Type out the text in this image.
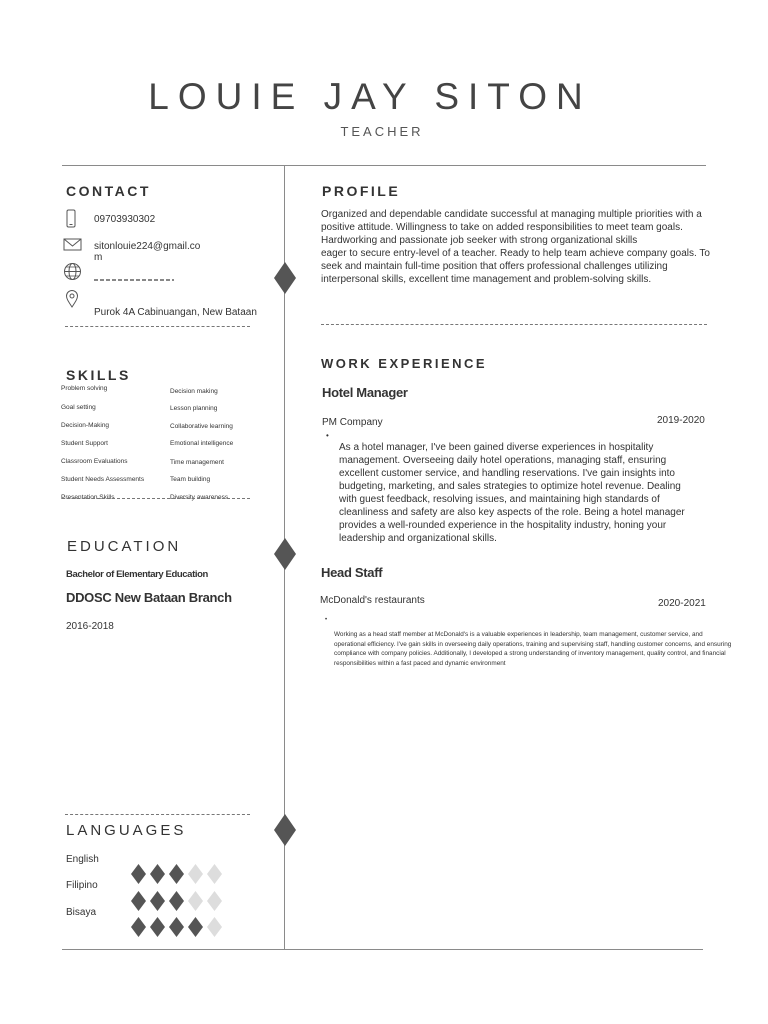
LOUIE JAY SITON
TEACHER
CONTACT
09703930302
sitonlouie224@gmail.co
m
Purok 4A Cabinuangan, New Bataan
SKILLS
Problem solving
Goal setting
Decision-Making
Student Support
Classroom Evaluations
Student Needs Assessments
Presentation Skills
Decision making
Lesson planning
Collaborative learning
Emotional intelligence
Time management
Team building
Diversity awareness
EDUCATION
Bachelor of Elementary Education
DDOSC New Bataan Branch
2016-2018
LANGUAGES
English
Filipino
Bisaya
PROFILE
Organized and dependable candidate successful at managing multiple priorities with a positive attitude. Willingness to take on added responsibilities to meet team goals. Hardworking and passionate job seeker with strong organizational skills
eager to secure entry-level of a teacher. Ready to help team achieve company goals. To seek and maintain full-time position that offers professional challenges utilizing interpersonal skills, excellent time management and problem-solving skills.
WORK EXPERIENCE
Hotel Manager
PM Company	2019-2020
•
As a hotel manager, I've been gained diverse experiences in hospitality management. Overseeing daily hotel operations, managing staff, ensuring excellent customer service, and handling reservations. I've gain insights into budgeting, marketing, and sales strategies to optimize hotel revenue. Dealing with guest feedback, resolving issues, and maintaining high standards of cleanliness and safety are also key aspects of the role. Being a hotel manager provides a well-rounded experience in the hospitality industry, honing your leadership and organizational skills.
Head Staff
McDonald's restaurants	2020-2021
•
Working as a head staff member at McDonald's is a valuable experiences in leadership, team management, customer service, and operational efficiency. I've gain skills in overseeing daily operations, training and supervising staff, handling customer concerns, and ensuring compliance with company policies. Additionally, I developed a strong understanding of inventory management, quality control, and financial responsibilities within a fast paced and dynamic environment
